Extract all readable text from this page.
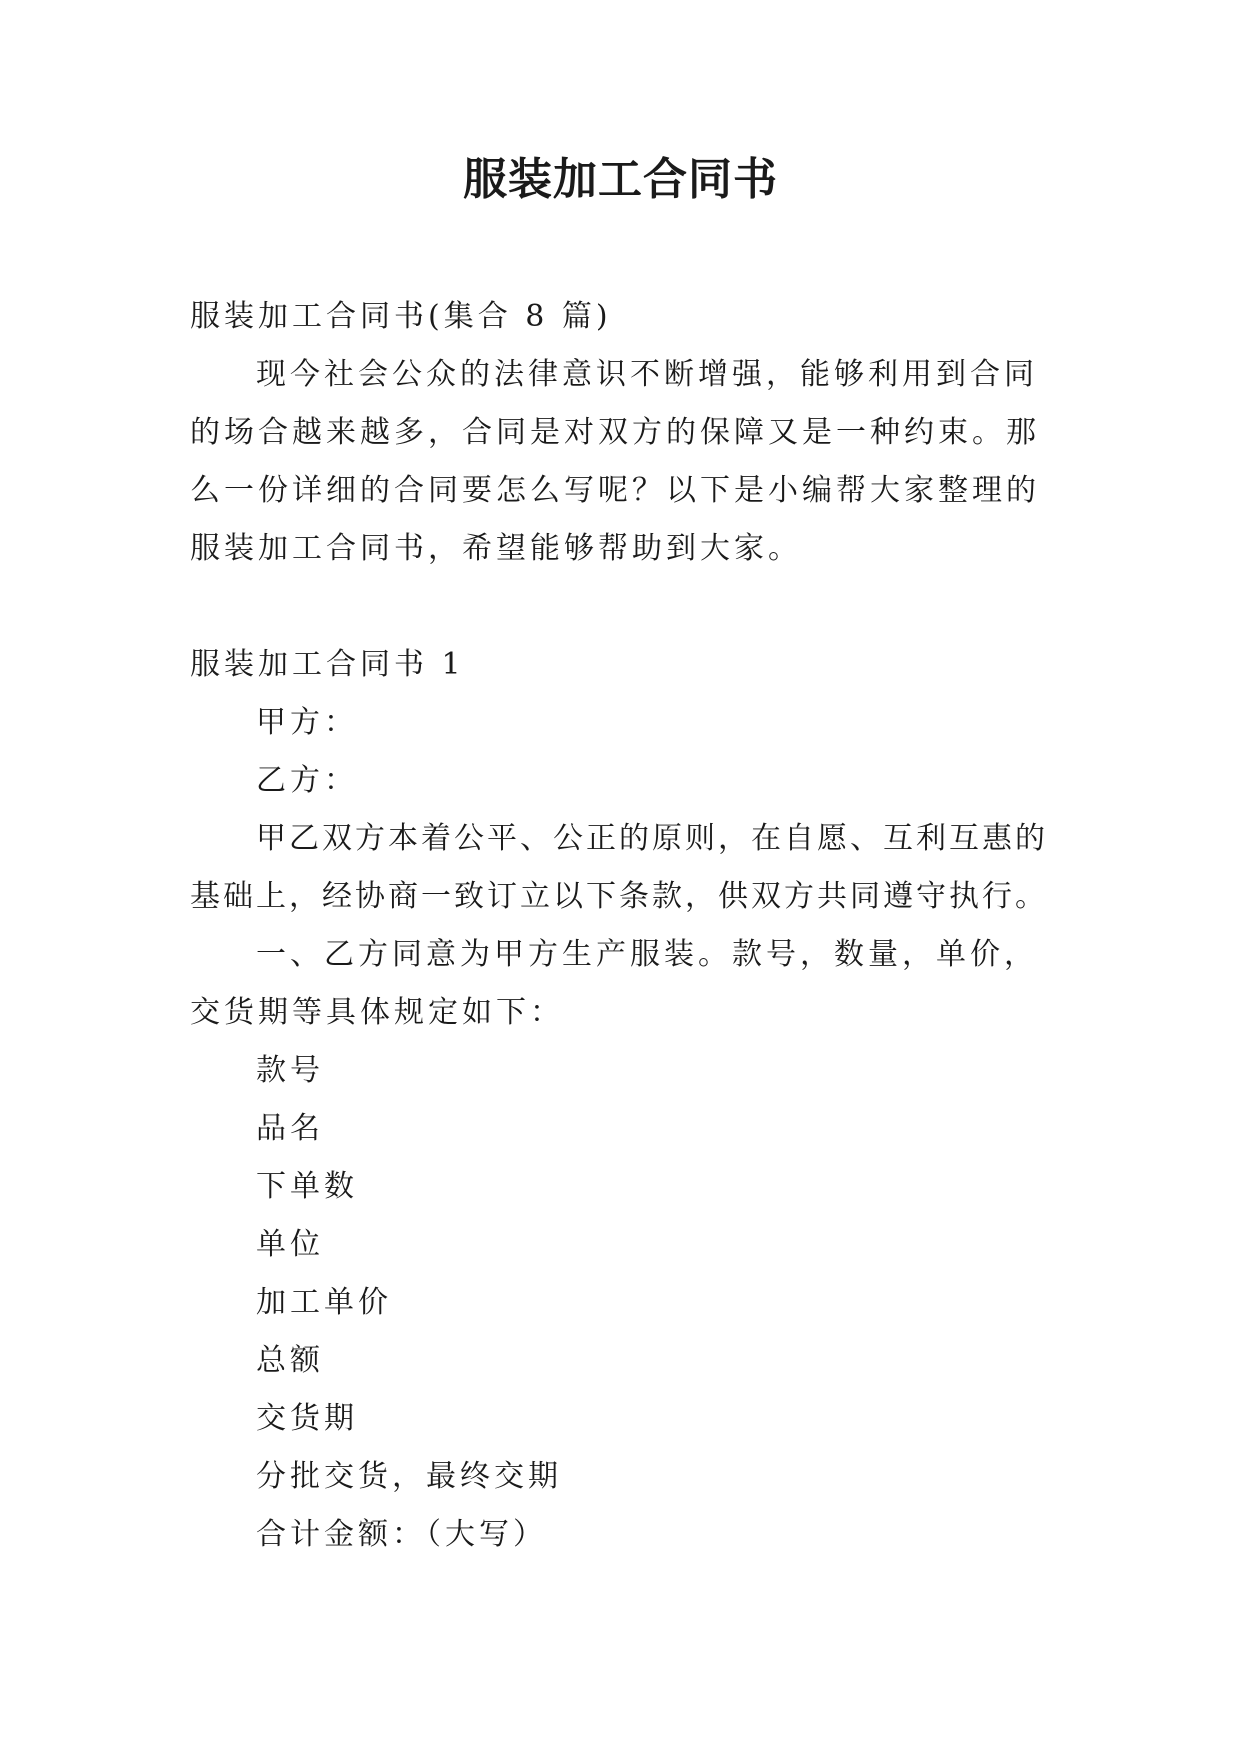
服装加工合同书

服装加工合同书(集合 8 篇)

现今社会公众的法律意识不断增强，能够利用到合同的场合越来越多，合同是对双方的保障又是一种约束。那么一份详细的合同要怎么写呢？以下是小编帮大家整理的服装加工合同书，希望能够帮助到大家。

服装加工合同书 1

甲方：

乙方：

甲乙双方本着公平、公正的原则，在自愿、互利互惠的基础上，经协商一致订立以下条款，供双方共同遵守执行。

一、乙方同意为甲方生产服装。款号，数量，单价，交货期等具体规定如下：

款号

品名

下单数

单位

加工单价

总额

交货期

分批交货，最终交期

合计金额：（大写）
